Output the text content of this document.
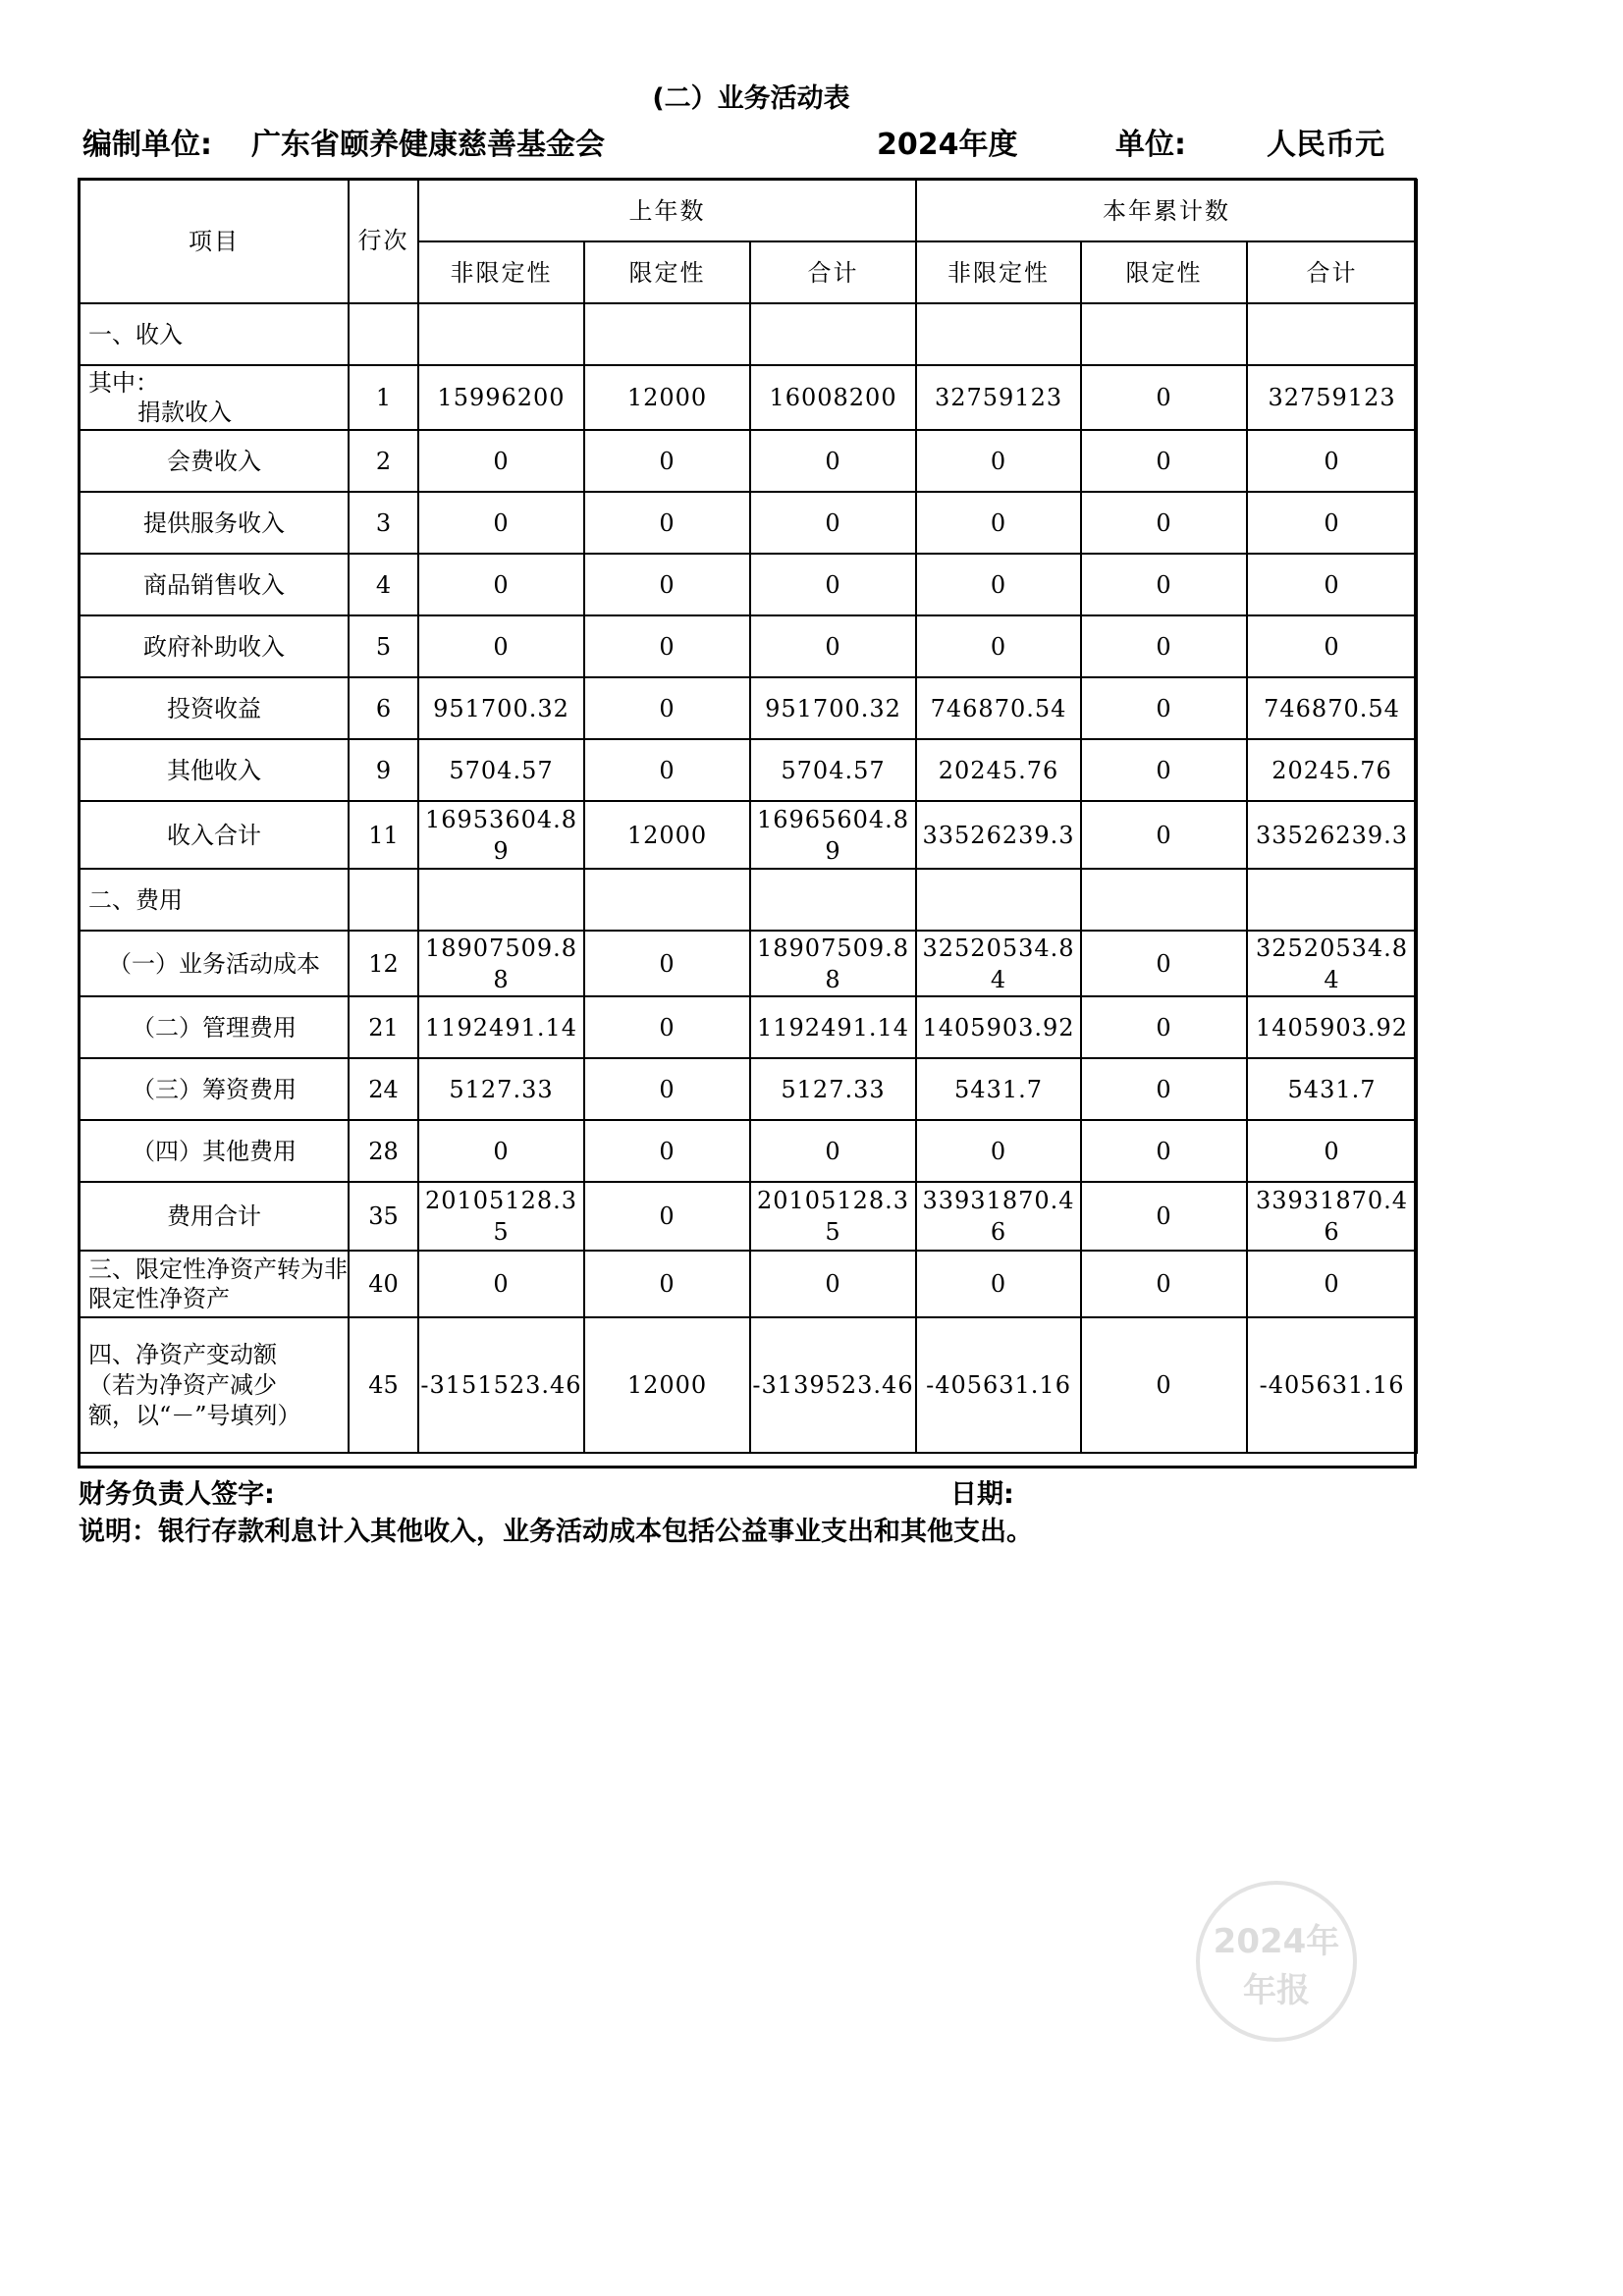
(二）业务活动表
编制单位: 广东省颐养健康慈善基金会	2024年度	单位:	人民币元
项目	行次	上年数			本年累计数		
		非限定性	限定性	合计	非限定性	限定性	合计
一、收入							

其中：
捐款收入	1	15996200	12000	16008200	32759123	0	32759123
会费收入	2	0	0	0	0	0	0
提供服务收入	3	0	0	0	0	0	0
商品销售收入	4	0	0	0	0	0	0
政府补助收入	5	0	0	0	0	0	0
投资收益	6	951700.32	0	951700.32	746870.54	0	746870.54
其他收入	9	5704.57	0	5704.57	20245.76	0	20245.76
收入合计	11	16953604.89	12000	16965604.89	33526239.3	0	33526239.3
二、费用							
（一）业务活动成本	12	18907509.88	0	18907509.88	32520534.84	0	32520534.84
（二）管理费用	21	1192491.14	0	1192491.14	1405903.92	0	1405903.92
（三）筹资费用	24	5127.33	0	5127.33	5431.7	0	5431.7
（四）其他费用	28	0	0	0	0	0	0
费用合计	35	20105128.35	0	20105128.35	33931870.46	0	33931870.46
三、限定性净资产转为非限定性净资产	40	0	0	0	0	0	0
四、净资产变动额（若为净资产减少额，以“－”号填列）	45	-3151523.46	12000	-3139523.46	-405631.16	0	-405631.16
财务负责人签字:	日期:
说明：银行存款利息计入其他收入，业务活动成本包括公益事业支出和其他支出。
2024年
年报
